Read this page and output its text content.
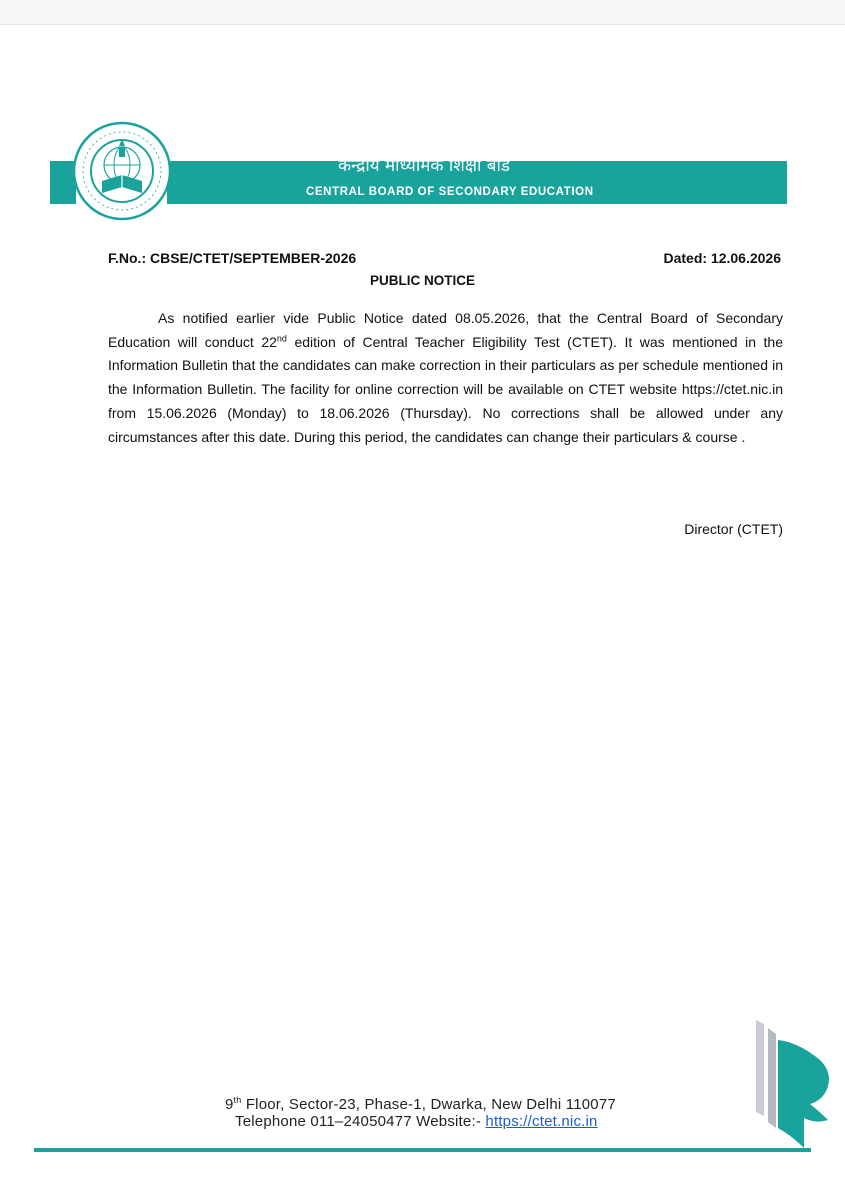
केन्द्रीय माध्यमिक शिक्षा बोर्ड
CENTRAL BOARD OF SECONDARY EDUCATION
F.No.: CBSE/CTET/SEPTEMBER-2026	Dated: 12.06.2026
PUBLIC NOTICE
As notified earlier vide Public Notice dated 08.05.2026, that the Central Board of Secondary Education will conduct 22nd edition of Central Teacher Eligibility Test (CTET). It was mentioned in the Information Bulletin that the candidates can make correction in their particulars as per schedule mentioned in the Information Bulletin. The facility for online correction will be available on CTET website https://ctet.nic.in from 15.06.2026 (Monday) to 18.06.2026 (Thursday). No corrections shall be allowed under any circumstances after this date. During this period, the candidates can change their particulars & course .
Director (CTET)
9th Floor, Sector-23, Phase-1, Dwarka, New Delhi 110077
Telephone 011–24050477 Website:- https://ctet.nic.in
